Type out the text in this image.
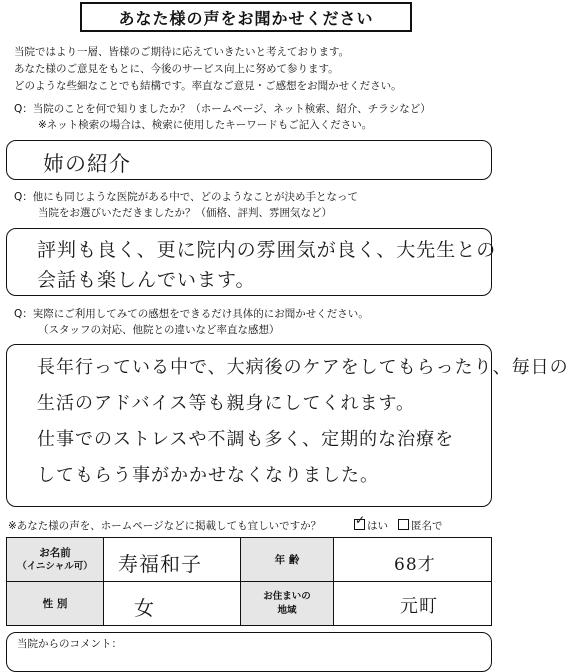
あなた様の声をお聞かせください
当院ではより一層、皆様のご期待に応えていきたいと考えております。
あなた様のご意見をもとに、今後のサービス向上に努めて参ります。
どのような些細なことでも結構です。率直なご意見・ご感想をお聞かせください。
Q：当院のことを何で知りましたか？（ホームページ、ネット検索、紹介、チラシなど）
※ネット検索の場合は、検索に使用したキーワードもご記入ください。
姉の紹介
Q：他にも同じような医院がある中で、どのようなことが決め手となって
当院をお選びいただきましたか？（価格、評判、雰囲気など）
評判も良く、更に院内の雰囲気が良く、大先生との
会話も楽しんでいます。
Q：実際にご利用してみての感想をできるだけ具体的にお聞かせください。
（スタッフの対応、他院との違いなど率直な感想）
長年行っている中で、大病後のケアをしてもらったり、毎日の
生活のアドバイス等も親身にしてくれます。
仕事でのストレスや不調も多く、定期的な治療を
してもらう事がかかせなくなりました。
※あなた様の声を、ホームページなどに掲載しても宜しいですか？ ✓	はい 匿名で
お名前
（イニシャル可）	寿福和子	年 齢	68才

性 別	女	お住まいの
地域	元町
当院からのコメント：
